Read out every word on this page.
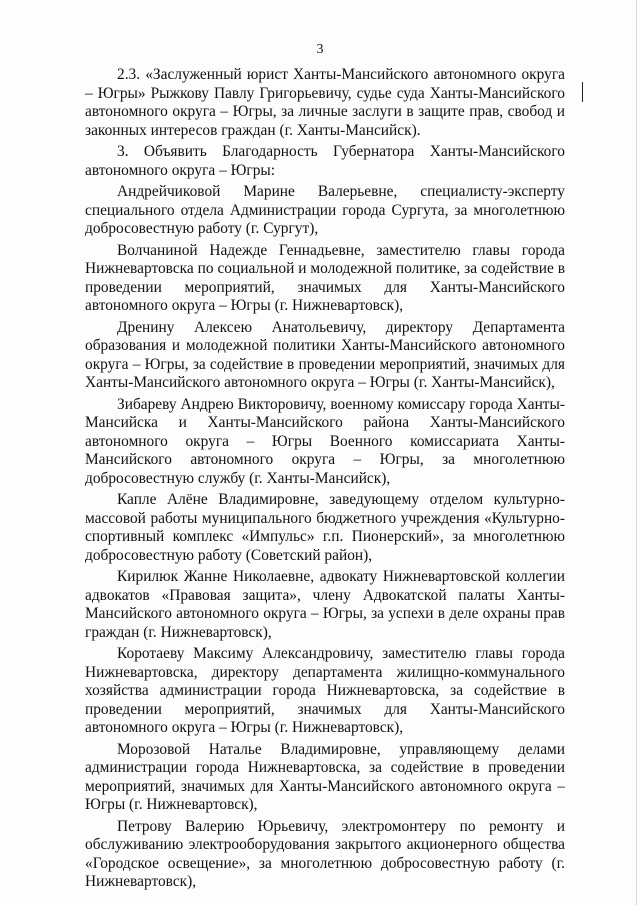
3

2.3. «Заслуженный юрист Ханты-Мансийского автономного округа – Югры» Рыжкову Павлу Григорьевичу, судье суда Ханты-Мансийского автономного округа – Югры, за личные заслуги в защите прав, свобод и законных интересов граждан (г. Ханты-Мансийск).

3. Объявить Благодарность Губернатора Ханты-Мансийского автономного округа – Югры:

Андрейчиковой Марине Валерьевне, специалисту-эксперту специального отдела Администрации города Сургута, за многолетнюю добросовестную работу (г. Сургут),

Волчаниной Надежде Геннадьевне, заместителю главы города Нижневартовска по социальной и молодежной политике, за содействие в проведении мероприятий, значимых для Ханты-Мансийского автономного округа – Югры (г. Нижневартовск),

Дренину Алексею Анатольевичу, директору Департамента образования и молодежной политики Ханты-Мансийского автономного округа – Югры, за содействие в проведении мероприятий, значимых для Ханты-Мансийского автономного округа – Югры (г. Ханты-Мансийск),

Зибареву Андрею Викторовичу, военному комиссару города Ханты-Мансийска и Ханты-Мансийского района Ханты-Мансийского автономного округа – Югры Военного комиссариата Ханты-Мансийского автономного округа – Югры, за многолетнюю добросовестную службу (г. Ханты-Мансийск),

Капле Алёне Владимировне, заведующему отделом культурно-массовой работы муниципального бюджетного учреждения «Культурно-спортивный комплекс «Импульс» г.п. Пионерский», за многолетнюю добросовестную работу (Советский район),

Кирилюк Жанне Николаевне, адвокату Нижневартовской коллегии адвокатов «Правовая защита», члену Адвокатской палаты Ханты-Мансийского автономного округа – Югры, за успехи в деле охраны прав граждан (г. Нижневартовск),

Коротаеву Максиму Александровичу, заместителю главы города Нижневартовска, директору департамента жилищно-коммунального хозяйства администрации города Нижневартовска, за содействие в проведении мероприятий, значимых для Ханты-Мансийского автономного округа – Югры (г. Нижневартовск),

Морозовой Наталье Владимировне, управляющему делами администрации города Нижневартовска, за содействие в проведении мероприятий, значимых для Ханты-Мансийского автономного округа – Югры (г. Нижневартовск),

Петрову Валерию Юрьевичу, электромонтеру по ремонту и обслуживанию электрооборудования закрытого акционерного общества «Городское освещение», за многолетнюю добросовестную работу (г. Нижневартовск),
